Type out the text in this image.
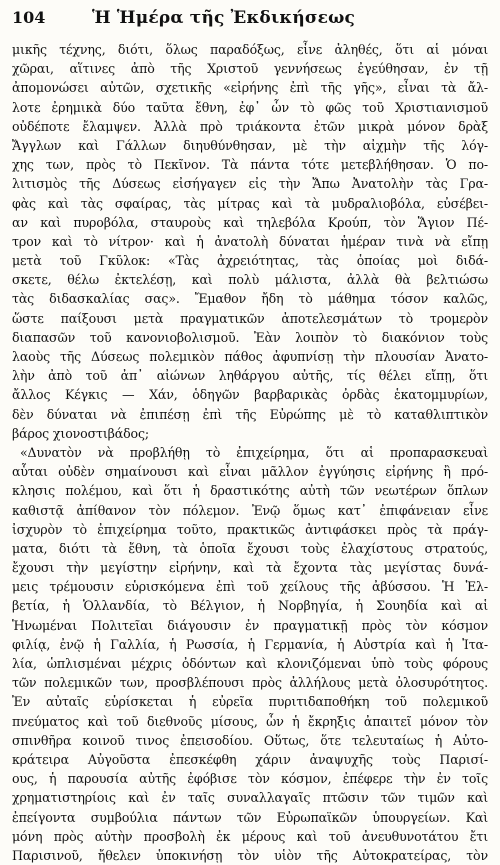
104	Ἡ Ἡμέρα τῆς Ἐκδικήσεως
μικῆς τέχνης, διότι, ὅλως παραδόξως, εἶνε ἀληθές, ὅτι αἱ μόναι
χῶραι, αἵτινες ἀπὸ τῆς Χριστοῦ γεννήσεως ἐγεύθησαν, ἐν τῇ
ἀπομονώσει αὐτῶν, σχετικῆς «εἰρήνης ἐπὶ τῆς γῆς», εἶναι τὰ ἄλ-
λοτε ἐρημικὰ δύο ταῦτα ἔθνη, ἐφ᾽ ὧν τὸ φῶς τοῦ Χριστιανισμοῦ
οὐδέποτε ἔλαμψεν. Ἀλλὰ πρὸ τριάκοντα ἐτῶν μικρὰ μόνον δρὰξ
Ἄγγλων καὶ Γάλλων διηυθύνθησαν, μὲ τὴν αἰχμὴν τῆς λόγ-
χης των, πρὸς τὸ Πεκῖνον. Τὰ πάντα τότε μετεβλήθησαν. Ὁ πο-
λιτισμὸς τῆς Δύσεως εἰσήγαγεν εἰς τὴν Ἄπω Ἀνατολὴν τὰς Γρα-
φὰς καὶ τὰς σφαίρας, τὰς μίτρας καὶ τὰ μυδραλιοβόλα, εὐσέβει-
αν καὶ πυροβόλα, σταυροὺς καὶ τηλεβόλα Κρούπ, τὸν Ἅγιον Πέ-
τρον καὶ τὸ νίτρον· καὶ ἡ ἀνατολὴ δύναται ἡμέραν τινὰ νὰ εἴπῃ
μετὰ τοῦ Γκῦλοκ: «Τὰς ἀχρειότητας, τὰς ὁποίας μοὶ διδά-
σκετε, θέλω ἐκτελέσῃ, καὶ πολὺ μάλιστα, ἀλλὰ θὰ βελτιώσω
τὰς διδασκαλίας σας». Ἔμαθον ἤδη τὸ μάθημα τόσον καλῶς,
ὥστε παίξουσι μετὰ πραγματικῶν ἀποτελεσμάτων τὸ τρομερὸν
διαπασῶν τοῦ κανονιοβολισμοῦ. Ἐὰν λοιπὸν τὸ διακόνιον τοὺς
λαοὺς τῆς Δύσεως πολεμικὸν πάθος ἀφυπνίσῃ τὴν πλουσίαν Ἀνατο-
λὴν ἀπὸ τοῦ ἀπ᾽ αἰώνων ληθάργου αὐτῆς, τίς θέλει εἴπῃ, ὅτι
ἄλλος Κέγκις — Χάν, ὁδηγῶν βαρβαρικὰς ὀρδὰς ἑκατομμυρίων,
δὲν δύναται νὰ ἐπιπέσῃ ἐπὶ τῆς Εὐρώπης μὲ τὸ καταθλιπτικὸν
βάρος χιονοστιβάδος;
«Δυνατὸν νὰ προβλήθῃ τὸ ἐπιχείρημα, ὅτι αἱ προπαρασκευαὶ
αὗται οὐδὲν σημαίνουσι καὶ εἶναι μᾶλλον ἐγγύησις εἰρήνης ἢ πρό-
κλησις πολέμου, καὶ ὅτι ἡ δραστικότης αὐτὴ τῶν νεωτέρων ὅπλων
καθιστᾷ ἀπίθανον τὸν πόλεμον. Ἐνῷ ὅμως κατ᾽ ἐπιφάνειαν εἶνε
ἰσχυρὸν τὸ ἐπιχείρημα τοῦτο, πρακτικῶς ἀντιφάσκει πρὸς τὰ πράγ-
ματα, διότι τὰ ἔθνη, τὰ ὁποῖα ἔχουσι τοὺς ἐλαχίστους στρατούς,
ἔχουσι τὴν μεγίστην εἰρήνην, καὶ τὰ ἔχοντα τὰς μεγίστας δυνά-
μεις τρέμουσιν εὑρισκόμενα ἐπὶ τοῦ χείλους τῆς ἀβύσσου. Ἡ Ἑλ-
βετία, ἡ Ὁλλανδία, τὸ Βέλγιον, ἡ Νορβηγία, ἡ Σουηδία καὶ αἱ
Ἡνωμέναι Πολιτεῖαι διάγουσιν ἐν πραγματικῇ πρὸς τὸν κόσμον
φιλίᾳ, ἐνῷ ἡ Γαλλία, ἡ Ρωσσία, ἡ Γερμανία, ἡ Αὐστρία καὶ ἡ Ἰτα-
λία, ὡπλισμέναι μέχρις ὀδόντων καὶ κλονιζόμεναι ὑπὸ τοὺς φόρους
τῶν πολεμικῶν των, προσβλέπουσι πρὸς ἀλλήλους μετὰ ὀλοσυρότητος.
Ἐν αὐταῖς εὑρίσκεται ἡ εὐρεῖα πυριτιδαποθήκη τοῦ πολεμικοῦ
πνεύματος καὶ τοῦ διεθνοῦς μίσους, ὧν ἡ ἔκρηξις ἀπαιτεῖ μόνον τὸν
σπινθῆρα κοινοῦ τινος ἐπεισοδίου. Οὕτως, ὅτε τελευταίως ἡ Αὐτο-
κράτειρα Αὐγοῦστα ἐπεσκέφθη χάριν ἀναψυχῆς τοὺς Παρισί-
ους, ἡ παρουσία αὐτῆς ἐφόβισε τὸν κόσμον, ἐπέφερε τὴν ἐν τοῖς
χρηματιστηρίοις καὶ ἐν ταῖς συναλλαγαῖς πτῶσιν τῶν τιμῶν καὶ
ἐπείγοντα συμβούλια πάντων τῶν Εὐρωπαϊκῶν ὑπουργείων. Καὶ
μόνη πρὸς αὐτὴν προσβολὴ ἐκ μέρους καὶ τοῦ ἀνευθυνοτάτου ἔτι
Παρισινοῦ, ἤθελεν ὑποκινήσῃ τὸν υἱὸν τῆς Αὐτοκρατείρας, τὸν
